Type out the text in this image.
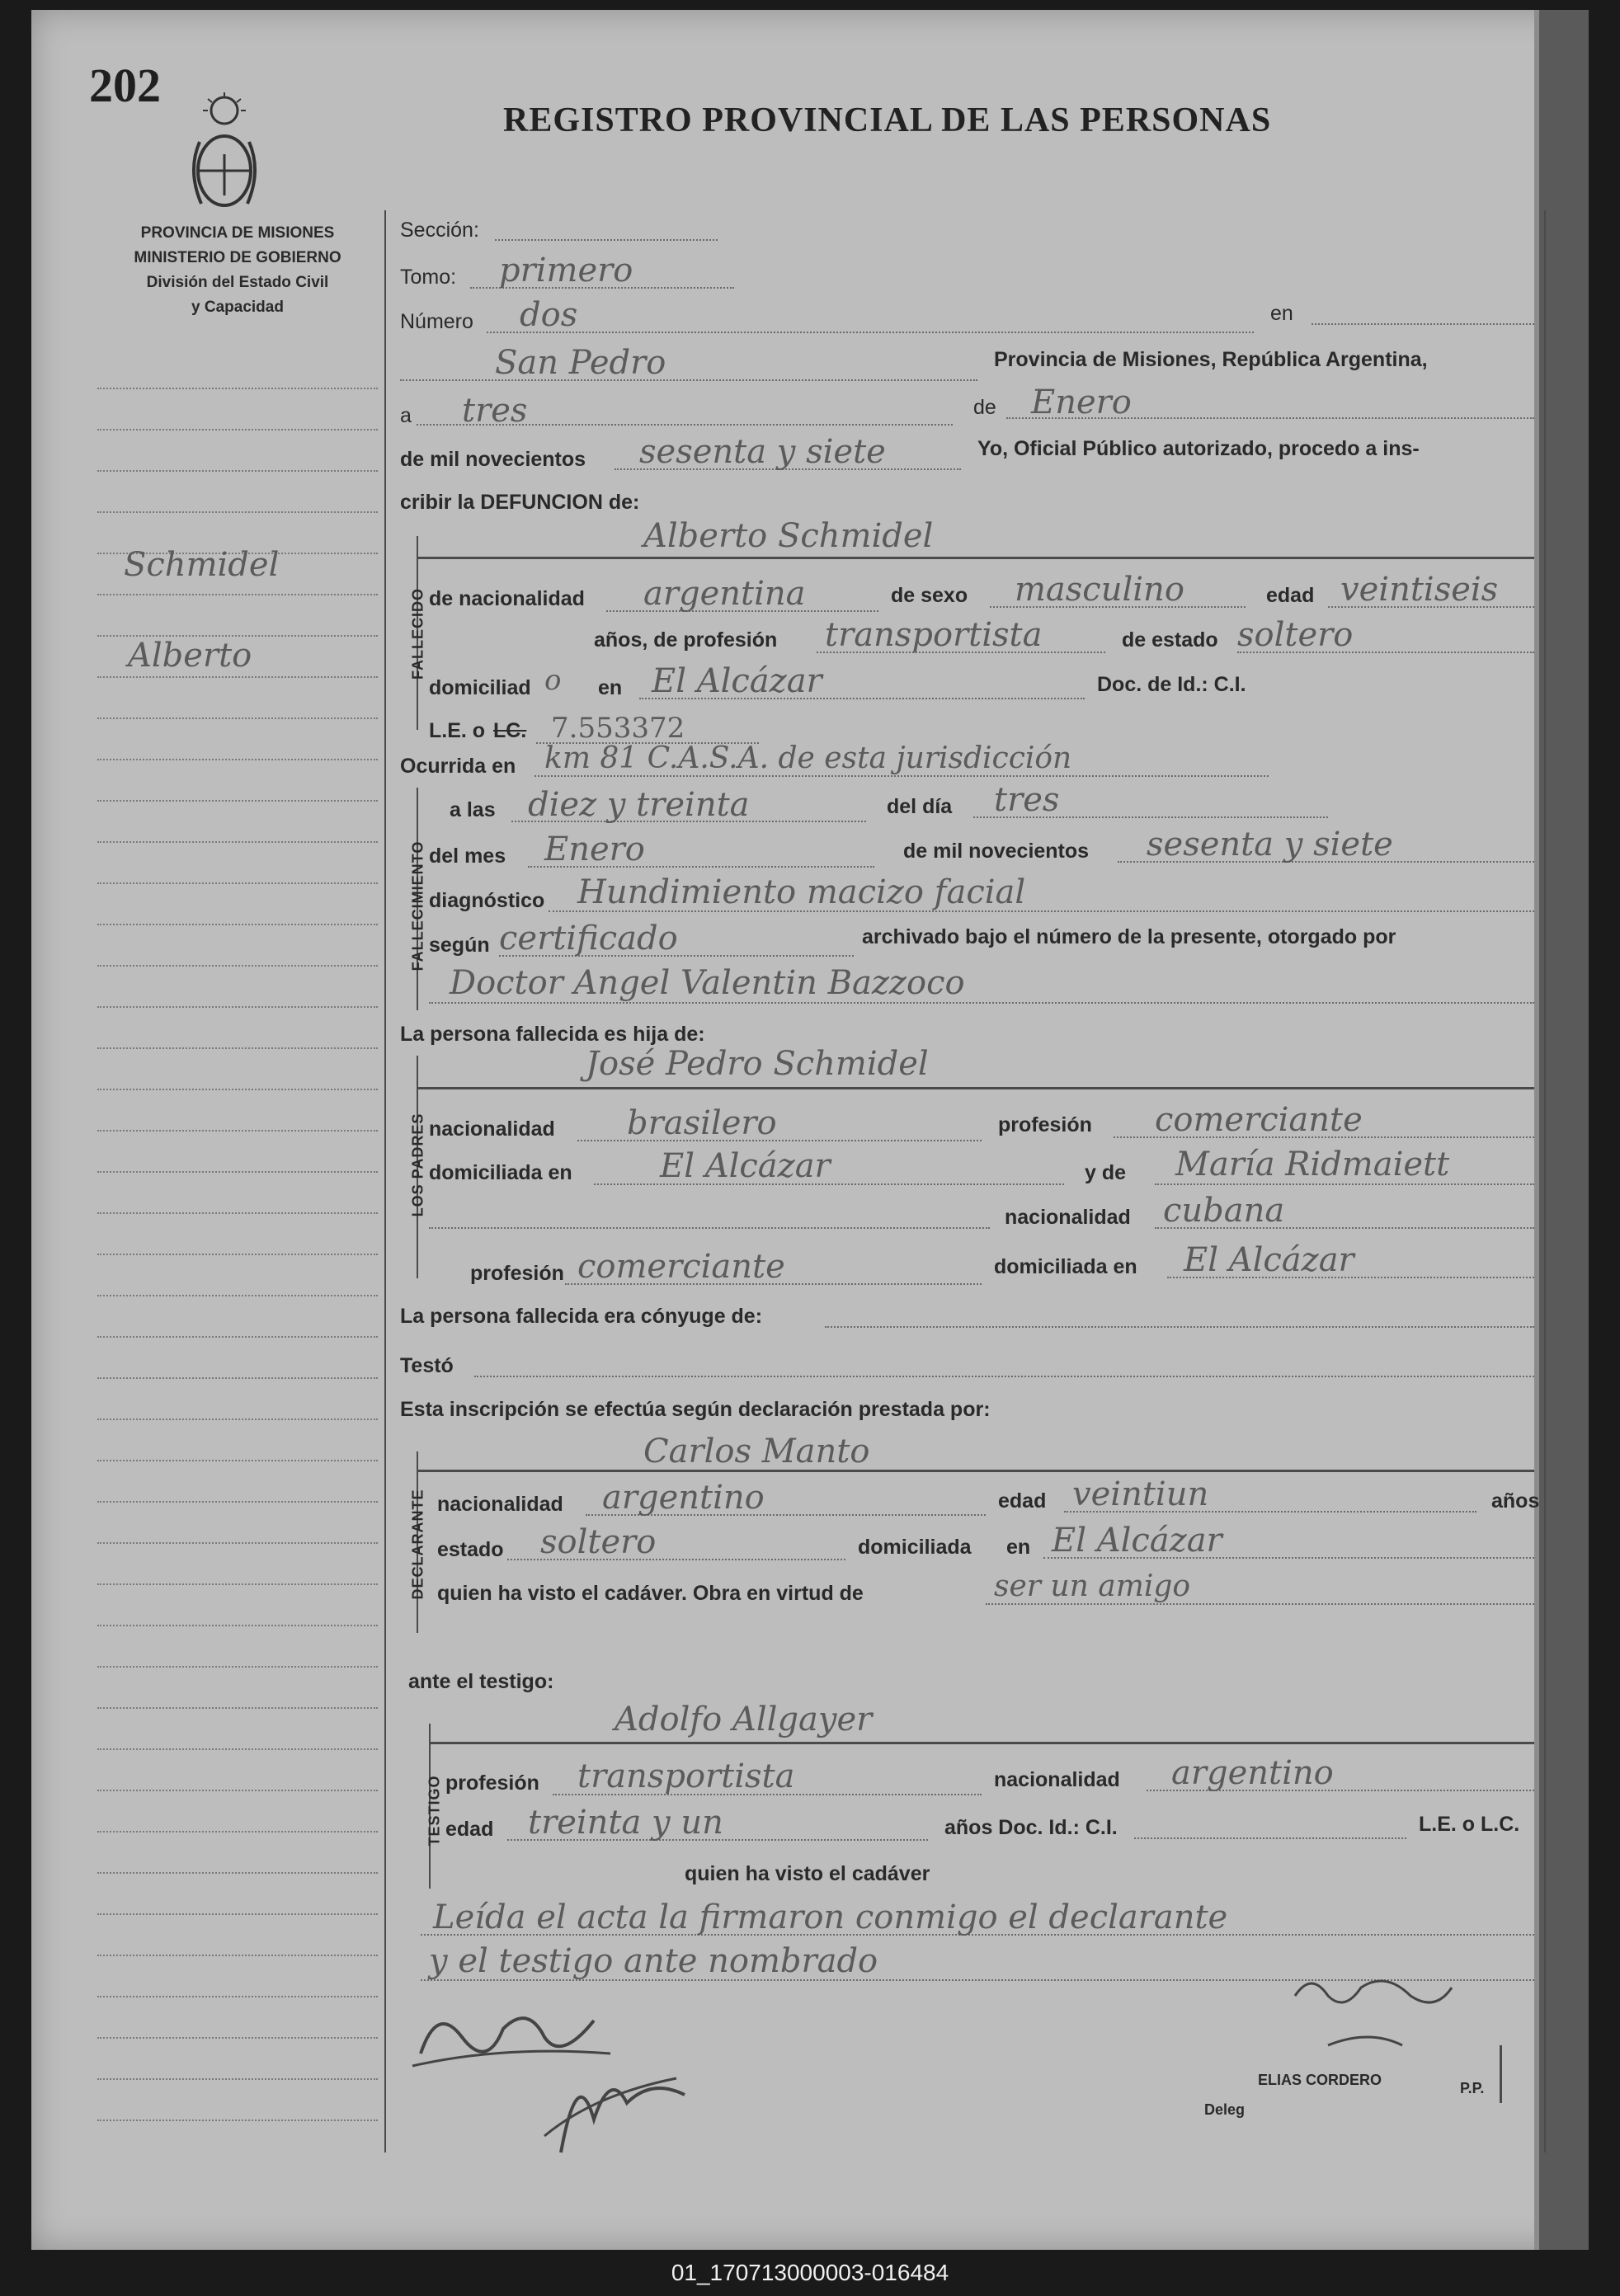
202
PROVINCIA DE MISIONES
MINISTERIO DE GOBIERNO
División del Estado Civil
y Capacidad
REGISTRO PROVINCIAL DE LAS PERSONAS
Schmidel
Alberto
Sección:
Tomo: primero
Número dos	en
San Pedro	Provincia de Misiones, República Argentina,
a tres	de Enero
de mil novecientos sesenta y siete	Yo, Oficial Público autorizado, procedo a ins-
cribir la DEFUNCION de:
FALLECIDO
Alberto Schmidel
de nacionalidad argentina	de sexo masculino	edad veintiseis
años, de profesión transportista	de estado soltero
domiciliad o en El Alcázar	Doc. de Id.: C.I.
L.E. o LC. 7.553372
Ocurrida en km 81 C.A.S.A. de esta jurisdicción
FALLECIMIENTO
a las diez y treinta	del día tres
del mes Enero	de mil novecientos sesenta y siete
diagnóstico Hundimiento macizo facial
según certificado	archivado bajo el número de la presente, otorgado por
Doctor Angel Valentin Bazzoco
La persona fallecida es hija de:
LOS PADRES
José Pedro Schmidel
nacionalidad brasilero	profesión comerciante
domiciliada en	El Alcázar	y de María Ridmaiett
nacionalidad cubana
profesión comerciante	domiciliada en El Alcázar
La persona fallecida era cónyuge de:
Testó
Esta inscripción se efectúa según declaración prestada por:
DECLARANTE
Carlos Manto
nacionalidad argentino	edad veintiun	años
estado soltero	domiciliada en El Alcázar
quien ha visto el cadáver. Obra en virtud de	ser un amigo
ante el testigo:
TESTIGO
Adolfo Allgayer
profesión transportista	nacionalidad argentino
edad treinta y un	años Doc. Id.: C.I.	L.E. o L.C.
quien ha visto el cadáver
Leída el acta la firmaron conmigo el declarante
y el testigo ante nombrado
ELIAS CORDERO	P.P.
Deleg
01_170713000003-016484
